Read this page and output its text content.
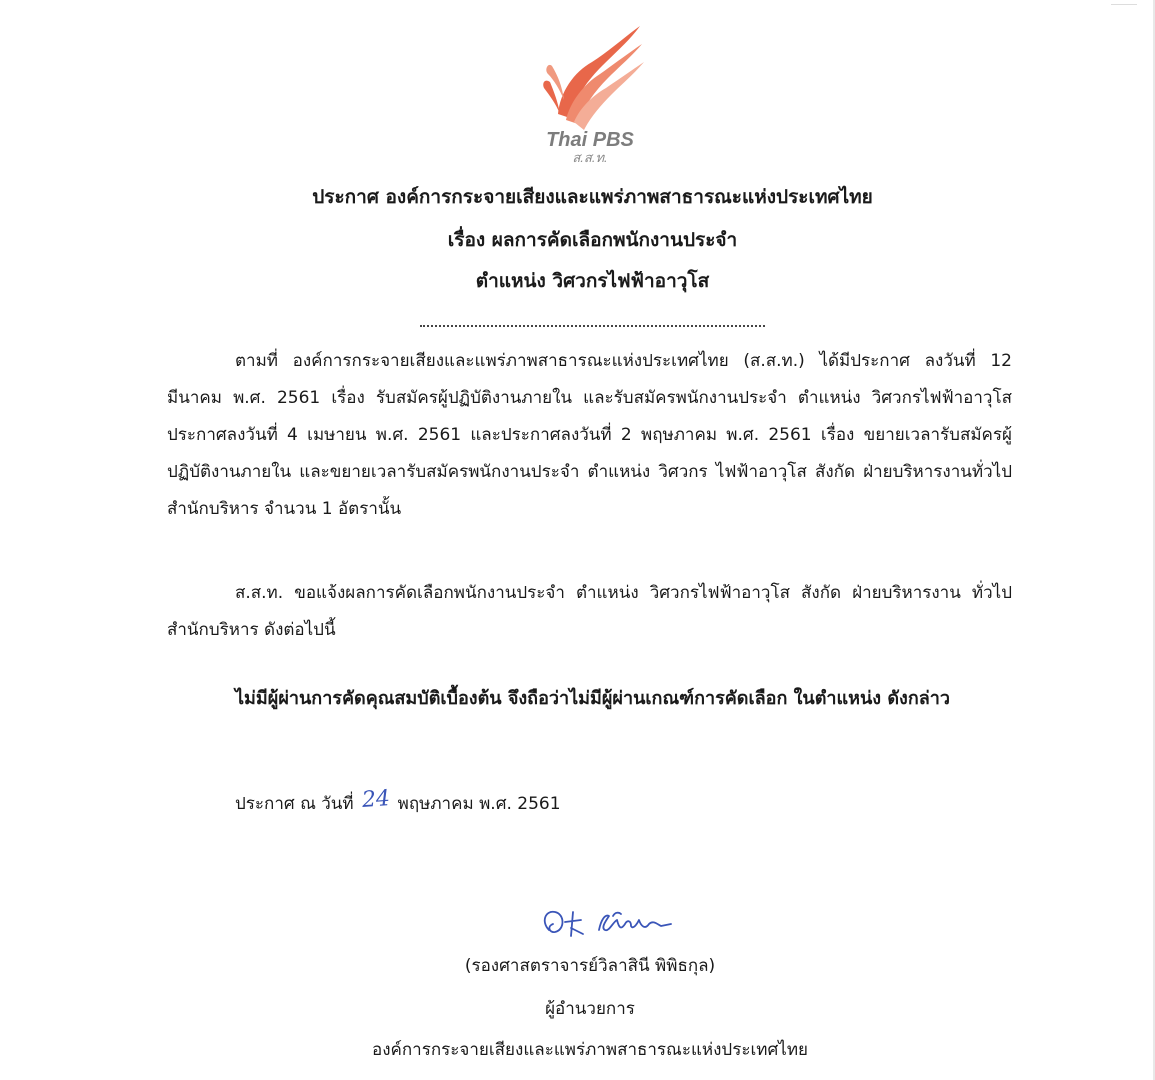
Thai PBS
ส.ส.ท.
ประกาศ องค์การกระจายเสียงและแพร่ภาพสาธารณะแห่งประเทศไทย
เรื่อง ผลการคัดเลือกพนักงานประจำ
ตำแหน่ง วิศวกรไฟฟ้าอาวุโส
ตามที่ องค์การกระจายเสียงและแพร่ภาพสาธารณะแห่งประเทศไทย (ส.ส.ท.) ได้มีประกาศ ลงวันที่ 12 มีนาคม พ.ศ. 2561 เรื่อง รับสมัครผู้ปฏิบัติงานภายใน และรับสมัครพนักงานประจำ ตำแหน่ง วิศวกรไฟฟ้าอาวุโส ประกาศลงวันที่ 4 เมษายน พ.ศ. 2561 และประกาศลงวันที่ 2 พฤษภาคม พ.ศ. 2561 เรื่อง ขยายเวลารับสมัครผู้ปฏิบัติงานภายใน และขยายเวลารับสมัครพนักงานประจำ ตำแหน่ง วิศวกร ไฟฟ้าอาวุโส สังกัด ฝ่ายบริหารงานทั่วไป สำนักบริหาร จำนวน 1 อัตรานั้น
ส.ส.ท. ขอแจ้งผลการคัดเลือกพนักงานประจำ ตำแหน่ง วิศวกรไฟฟ้าอาวุโส สังกัด ฝ่ายบริหารงาน ทั่วไป สำนักบริหาร ดังต่อไปนี้
ไม่มีผู้ผ่านการคัดคุณสมบัติเบื้องต้น จึงถือว่าไม่มีผู้ผ่านเกณฑ์การคัดเลือก ในตำแหน่ง ดังกล่าว
ประกาศ ณ วันที่ 24 พฤษภาคม พ.ศ. 2561
(รองศาสตราจารย์วิลาสินี พิพิธกุล)
ผู้อำนวยการ
องค์การกระจายเสียงและแพร่ภาพสาธารณะแห่งประเทศไทย
